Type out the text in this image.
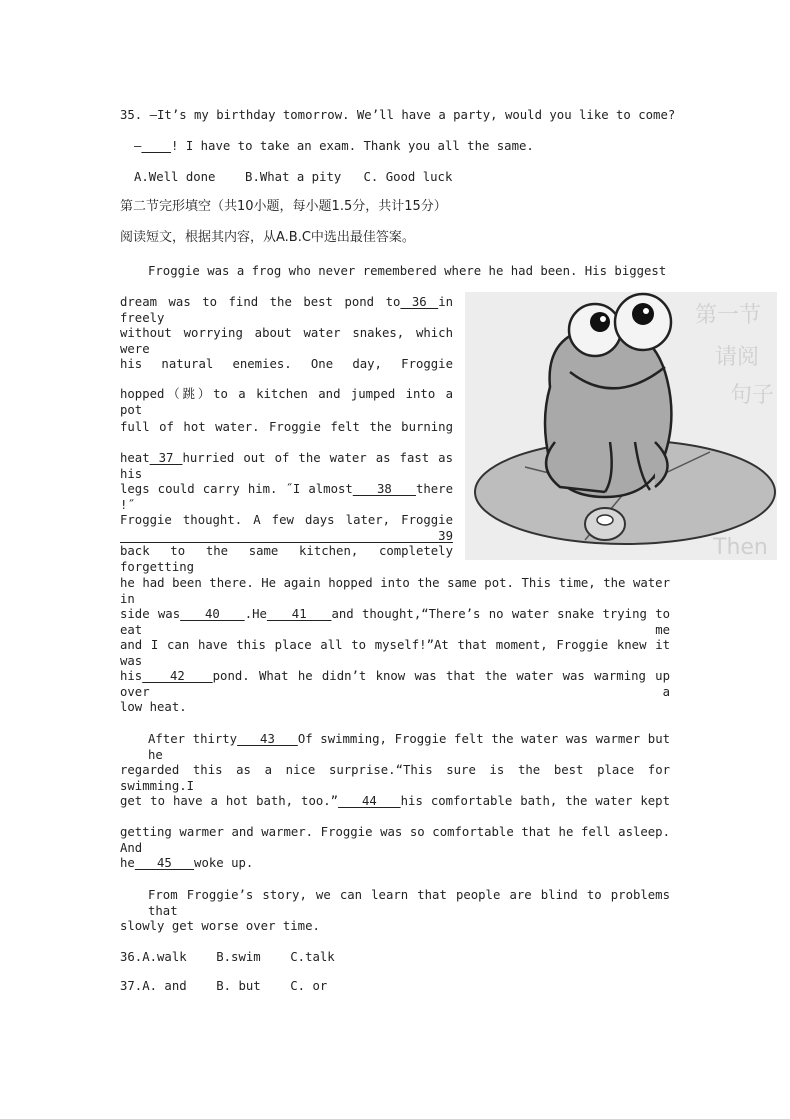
35. —It’s my birthday tomorrow. We’ll have a party, would you like to come?
— ! I have to take an exam. Thank you all the same.
A.Well done    B.What a pity   C. Good luck
第二节完形填空（共10小题，每小题1.5分，共计15分）
阅读短文，根据其内容，从A.B.C中选出最佳答案。
第一节
请阅
句子
Then
Froggie was a frog who never remembered where he had been. His biggest
dream was to find the best pond to 36 in freely
without worrying about water snakes, which were
his natural enemies. One day, Froggie
hopped（跳）to a kitchen and jumped into a pot
full of hot water. Froggie felt the burning
heat 37 hurried out of the water as fast as his
legs could carry him. ˝I almost   38   there !˝
Froggie thought. A few days later, Froggie   39
back to the same kitchen, completely forgetting
he had been there. He again hopped into the same pot. This time, the water in
side was   40   .He   41   and thought,“There’s no water snake trying to eat me
and I can have this place all to myself!”At that moment, Froggie knew it was
his   42   pond. What he didn’t know was that the water was warming up over a
low heat.
After thirty   43   Of swimming, Froggie felt the water was warmer but he
regarded this as a nice surprise.“This sure is the best place for swimming.I
get to have a hot bath, too.”   44   his comfortable bath, the water kept
getting warmer and warmer. Froggie was so comfortable that he fell asleep. And
he   45   woke up.
From Froggie’s story, we can learn that people are blind to problems that
slowly get worse over time.
36.A.walk    B.swim    C.talk
37.A. and    B. but    C. or
